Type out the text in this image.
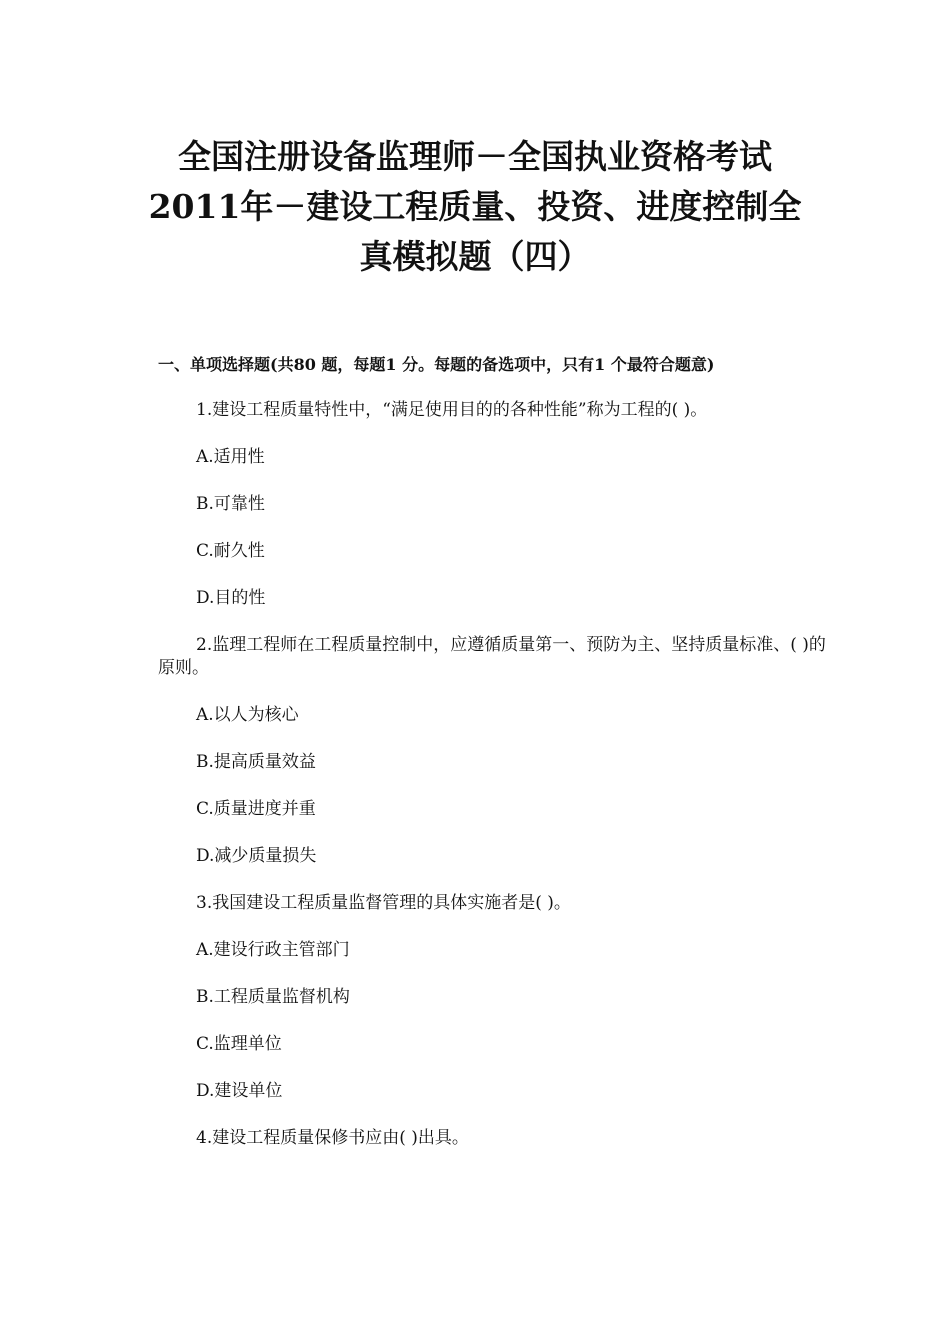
全国注册设备监理师－全国执业资格考试
2011年－建设工程质量、投资、进度控制全
真模拟题（四）

一、单项选择题(共80 题，每题1 分。每题的备选项中，只有1 个最符合题意)

1.建设工程质量特性中，“满足使用目的的各种性能”称为工程的( )。

A.适用性

B.可靠性

C.耐久性

D.目的性

2.监理工程师在工程质量控制中，应遵循质量第一、预防为主、坚持质量标准、( )的原则。

A.以人为核心

B.提高质量效益

C.质量进度并重

D.减少质量损失

3.我国建设工程质量监督管理的具体实施者是( )。

A.建设行政主管部门

B.工程质量监督机构

C.监理单位

D.建设单位

4.建设工程质量保修书应由( )出具。
